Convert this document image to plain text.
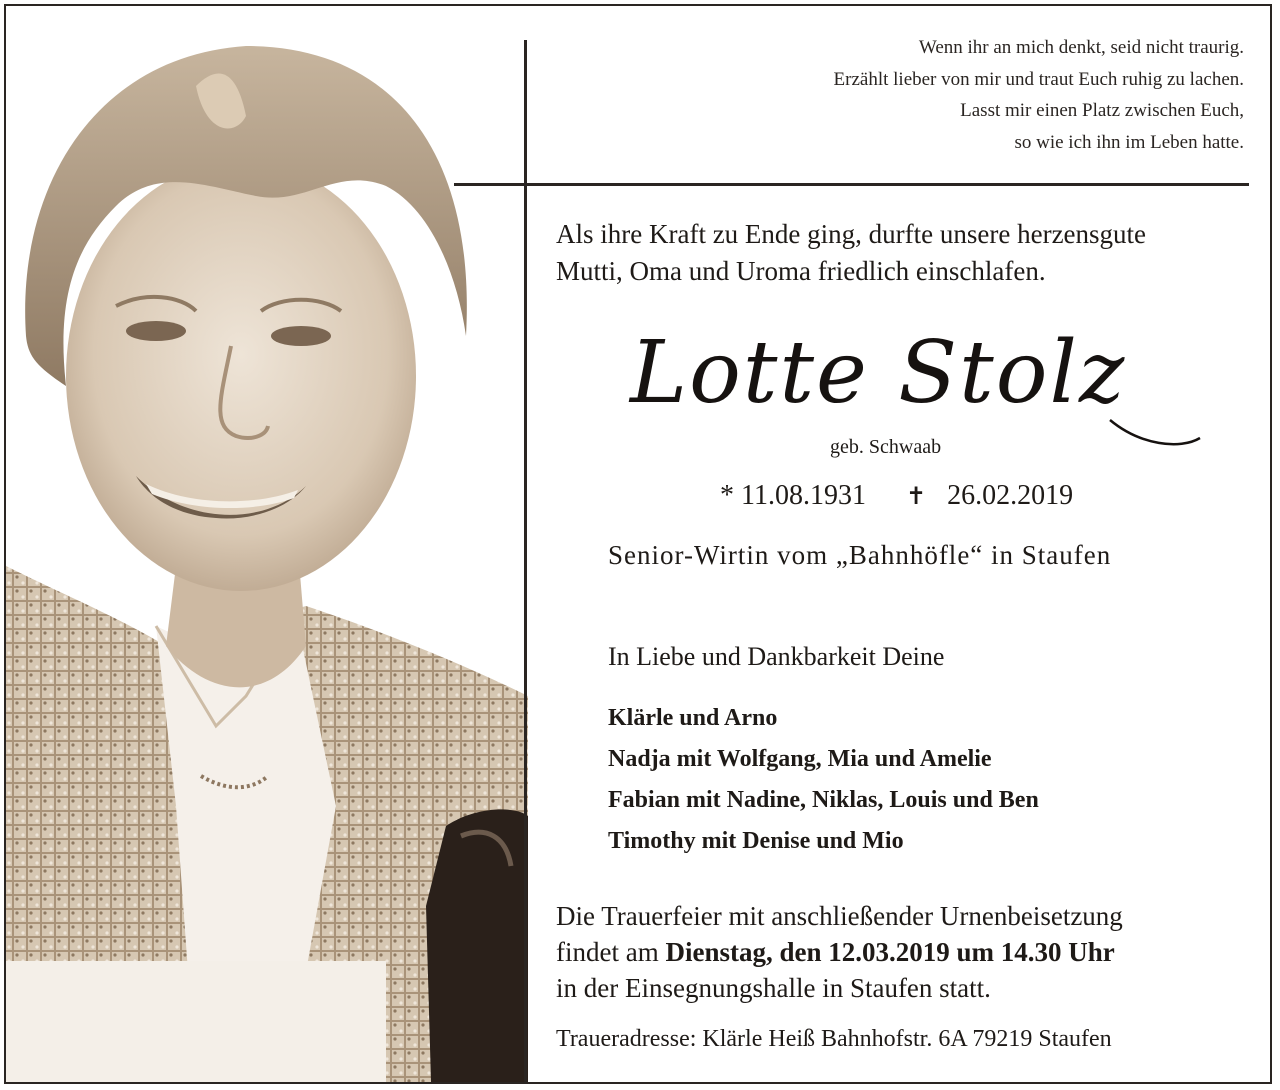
Wenn ihr an mich denkt, seid nicht traurig.
Erzählt lieber von mir und traut Euch ruhig zu lachen.
Lasst mir einen Platz zwischen Euch,
so wie ich ihn im Leben hatte.
Als ihre Kraft zu Ende ging, durfte unsere herzensgute
Mutti, Oma und Uroma friedlich einschlafen.
Lotte Stolz
geb. Schwaab
* 11.08.1931 ✝ 26.02.2019
Senior-Wirtin vom „Bahnhöfle“ in Staufen
In Liebe und Dankbarkeit Deine
Klärle und Arno
Nadja mit Wolfgang, Mia und Amelie
Fabian mit Nadine, Niklas, Louis und Ben
Timothy mit Denise und Mio
Die Trauerfeier mit anschließender Urnenbeisetzung
findet am Dienstag, den 12.03.2019 um 14.30 Uhr
in der Einsegnungshalle in Staufen statt.
Traueradresse: Klärle Heiß Bahnhofstr. 6A 79219 Staufen
